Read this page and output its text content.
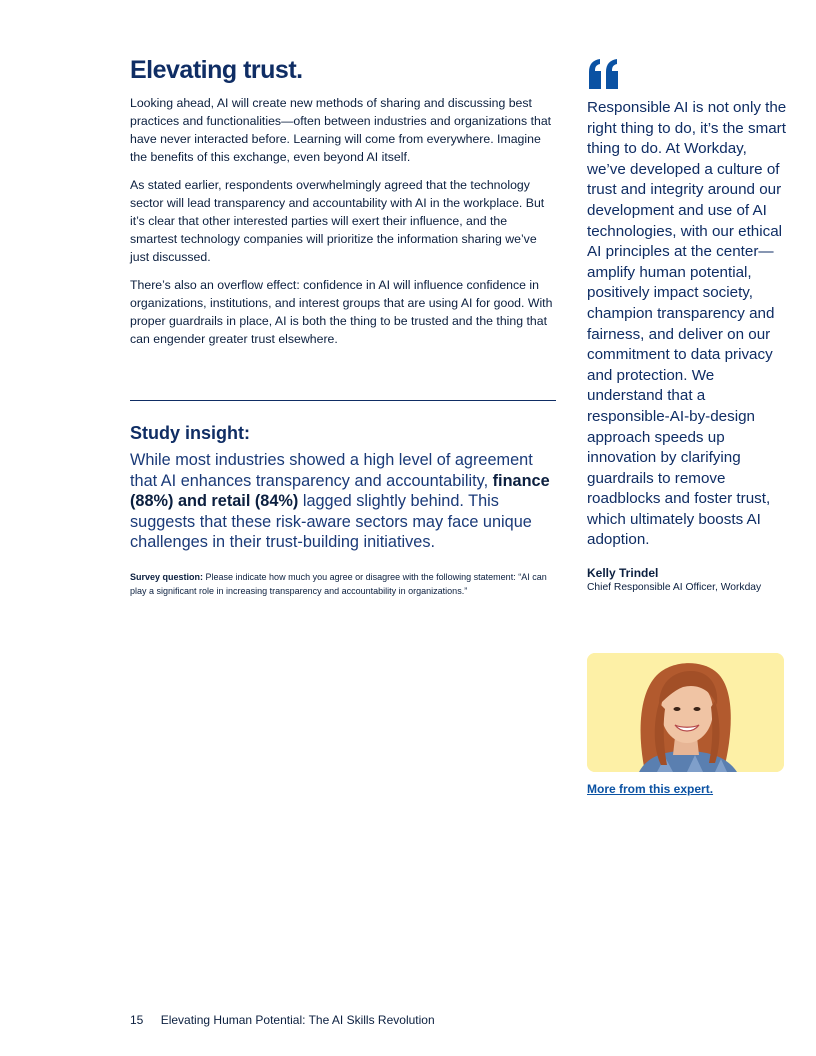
Elevating trust.

Looking ahead, AI will create new methods of sharing and discussing best practices and functionalities—often between industries and organizations that have never interacted before. Learning will come from everywhere. Imagine the benefits of this exchange, even beyond AI itself.

As stated earlier, respondents overwhelmingly agreed that the technology sector will lead transparency and accountability with AI in the workplace. But it’s clear that other interested parties will exert their influence, and the smartest technology companies will prioritize the information sharing we’ve just discussed.

There’s also an overflow effect: confidence in AI will influence confidence in organizations, institutions, and interest groups that are using AI for good. With proper guardrails in place, AI is both the thing to be trusted and the thing that can engender greater trust elsewhere.

Study insight:

While most industries showed a high level of agreement that AI enhances transparency and accountability, finance (88%) and retail (84%) lagged slightly behind. This suggests that these risk-aware sectors may face unique challenges in their trust-building initiatives.

Survey question: Please indicate how much you agree or disagree with the following statement: “AI can play a significant role in increasing transparency and accountability in organizations.”

Responsible AI is not only the right thing to do, it’s the smart thing to do. At Workday, we’ve developed a culture of trust and integrity around our development and use of AI technologies, with our ethical AI principles at the center—amplify human potential, positively impact society, champion transparency and fairness, and deliver on our commitment to data privacy and protection. We understand that a responsible-AI-by-design approach speeds up innovation by clarifying guardrails to remove roadblocks and foster trust, which ultimately boosts AI adoption.

Kelly Trindel
Chief Responsible AI Officer, Workday
More from this expert.
15 Elevating Human Potential: The AI Skills Revolution
